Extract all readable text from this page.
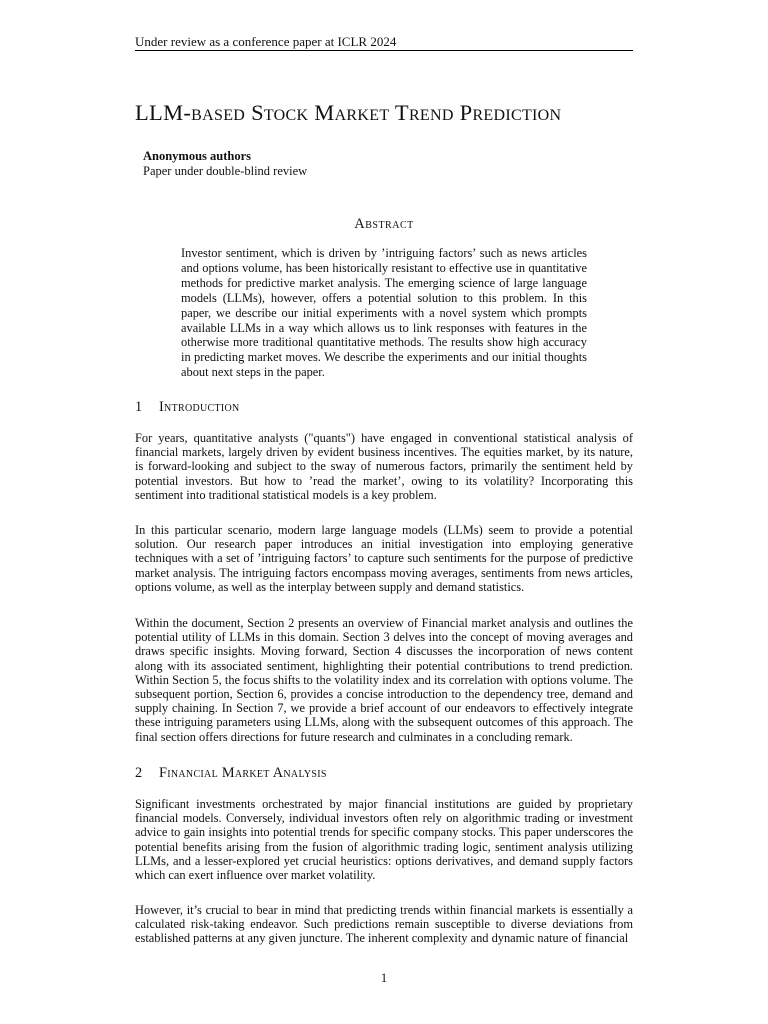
Under review as a conference paper at ICLR 2024
LLM-based Stock Market Trend Prediction
Anonymous authors
Paper under double-blind review
Abstract
Investor sentiment, which is driven by ’intriguing factors’ such as news articles and options volume, has been historically resistant to effective use in quantitative methods for predictive market analysis. The emerging science of large language models (LLMs), however, offers a potential solution to this problem. In this paper, we describe our initial experiments with a novel system which prompts available LLMs in a way which allows us to link responses with features in the otherwise more traditional quantitative methods. The results show high accuracy in predicting market moves. We describe the experiments and our initial thoughts about next steps in the paper.
1 Introduction

For years, quantitative analysts ("quants") have engaged in conventional statistical analysis of financial markets, largely driven by evident business incentives. The equities market, by its nature, is forward-looking and subject to the sway of numerous factors, primarily the sentiment held by potential investors. But how to ’read the market’, owing to its volatility? Incorporating this sentiment into traditional statistical models is a key problem.

In this particular scenario, modern large language models (LLMs) seem to provide a potential solution. Our research paper introduces an initial investigation into employing generative techniques with a set of ’intriguing factors’ to capture such sentiments for the purpose of predictive market analysis. The intriguing factors encompass moving averages, sentiments from news articles, options volume, as well as the interplay between supply and demand statistics.

Within the document, Section 2 presents an overview of Financial market analysis and outlines the potential utility of LLMs in this domain. Section 3 delves into the concept of moving averages and draws specific insights. Moving forward, Section 4 discusses the incorporation of news content along with its associated sentiment, highlighting their potential contributions to trend prediction. Within Section 5, the focus shifts to the volatility index and its correlation with options volume. The subsequent portion, Section 6, provides a concise introduction to the dependency tree, demand and supply chaining. In Section 7, we provide a brief account of our endeavors to effectively integrate these intriguing parameters using LLMs, along with the subsequent outcomes of this approach. The final section offers directions for future research and culminates in a concluding remark.

2 Financial Market Analysis

Significant investments orchestrated by major financial institutions are guided by proprietary financial models. Conversely, individual investors often rely on algorithmic trading or investment advice to gain insights into potential trends for specific company stocks. This paper underscores the potential benefits arising from the fusion of algorithmic trading logic, sentiment analysis utilizing LLMs, and a lesser-explored yet crucial heuristics: options derivatives, and demand supply factors which can exert influence over market volatility.

However, it’s crucial to bear in mind that predicting trends within financial markets is essentially a calculated risk-taking endeavor. Such predictions remain susceptible to diverse deviations from established patterns at any given juncture. The inherent complexity and dynamic nature of financial

1
